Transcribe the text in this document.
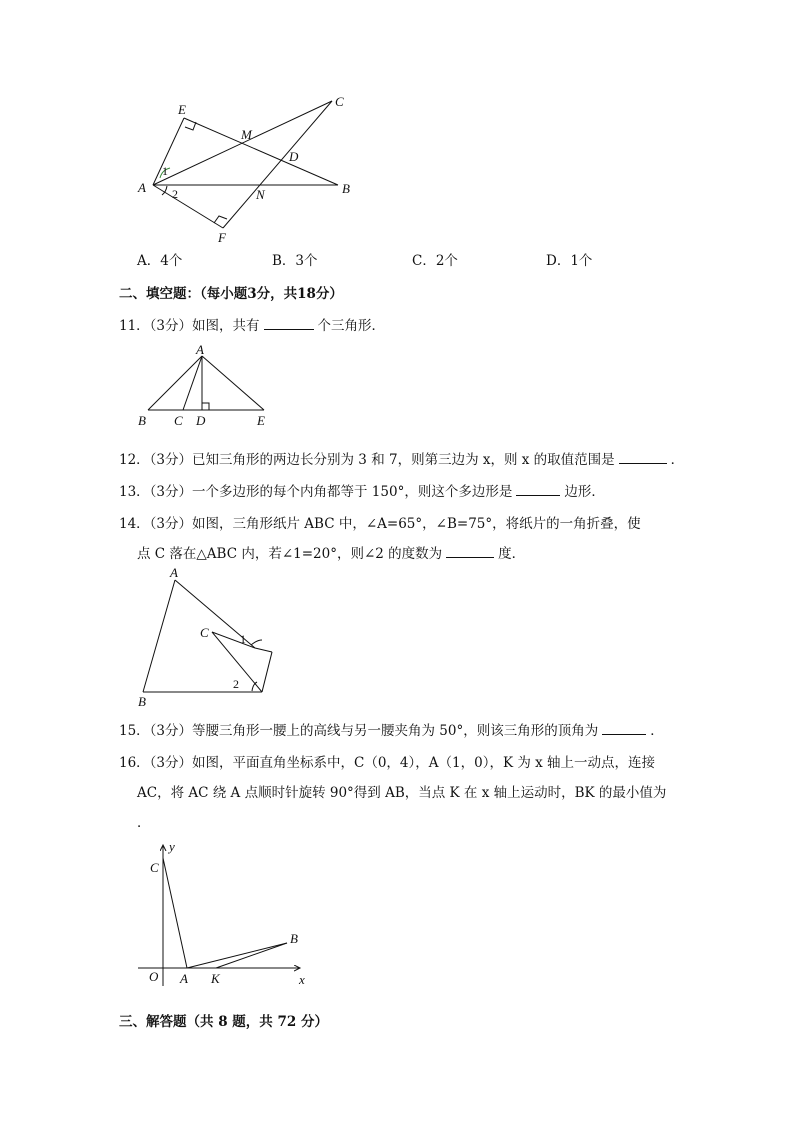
E
C
M
D
A	B
N
F
1
2
A．4个	B．3个	C．2个	D．1个
二、填空题：（每小题3分，共18分）
11．（3分）如图，共有	个三角形．
A
B C D	E
12．（3分）已知三角形的两边长分别为 3 和 7，则第三边为 x，则 x 的取值范围是	．
13．（3分）一个多边形的每个内角都等于 150°，则这个多边形是	边形．
14．（3分）如图，三角形纸片 ABC 中，∠A=65°，∠B=75°，将纸片的一角折叠，使
点 C 落在△ABC 内，若∠1=20°，则∠2 的度数为	度．
A
C	1
2
B
15．（3分）等腰三角形一腰上的高线与另一腰夹角为 50°，则该三角形的顶角为	．
16．（3分）如图，平面直角坐标系中，C（0，4），A（1，0），K 为 x 轴上一动点，连接
AC，将 AC 绕 A 点顺时针旋转 90°得到 AB，当点 K 在 x 轴上运动时，BK 的最小值为
．
y
C
B
O A K	x
三、解答题（共 8 题，共 72 分）
